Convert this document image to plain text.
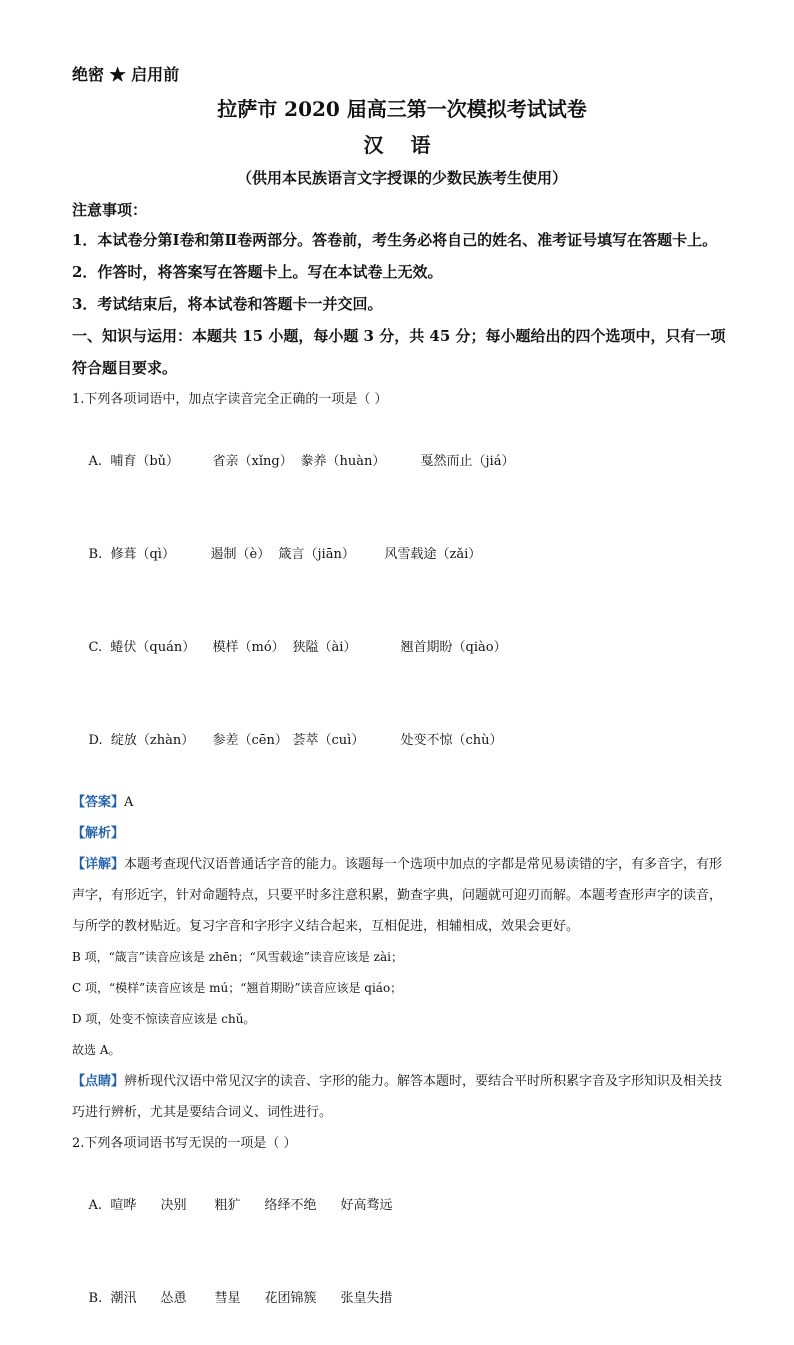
绝密 ★ 启用前

拉萨市 2020 届高三第一次模拟考试试卷

汉 语

（供用本民族语言文字授课的少数民族考生使用）

注意事项：

1．本试卷分第Ⅰ卷和第Ⅱ卷两部分。答卷前，考生务必将自己的姓名、准考证号填写在答题卡上。

2．作答时，将答案写在答题卡上。写在本试卷上无效。

3．考试结束后，将本试卷和答题卡一并交回。

一、知识与运用：本题共 15 小题，每小题 3 分，共 45 分；每小题给出的四个选项中，只有一项符合题目要求。

1.下列各项词语中，加点字读音完全正确的一项是（ ）

A.  哺育（bǔ）	省亲（xǐng） 豢养（huàn）	戛然而止（jiá）

B.  修葺（qì）	遏制（è） 箴言（jiān） 风雪载途（zǎi）

C.  蜷伏（quán） 模样（mó） 狭隘（ài）	翘首期盼（qiào）

D.  绽放（zhàn） 参差（cēn） 荟萃（cuì）	处变不惊（chù）

【答案】A

【解析】

【详解】本题考查现代汉语普通话字音的能力。该题每一个选项中加点的字都是常见易读错的字，有多音字，有形声字，有形近字，针对命题特点，只要平时多注意积累，勤查字典，问题就可迎刃而解。本题考查形声字的读音，与所学的教材贴近。复习字音和字形字义结合起来，互相促进，相辅相成，效果会更好。

B 项，“箴言”读音应该是 zhēn；“风雪载途”读音应该是 zài；

C 项，“模样”读音应该是 mú；“翘首期盼”读音应该是 qiáo；

D 项，处变不惊读音应该是 chǔ。

故选 A。

【点睛】辨析现代汉语中常见汉字的读音、字形的能力。解答本题时，要结合平时所积累字音及字形知识及相关技巧进行辨析，尤其是要结合词义、词性进行。

2.下列各项词语书写无误的一项是（ ）

A.  喧哗 决别 粗犷 络绎不绝 好高骛远

B.  潮汛 怂恿 彗星 花团锦簇 张皇失措
